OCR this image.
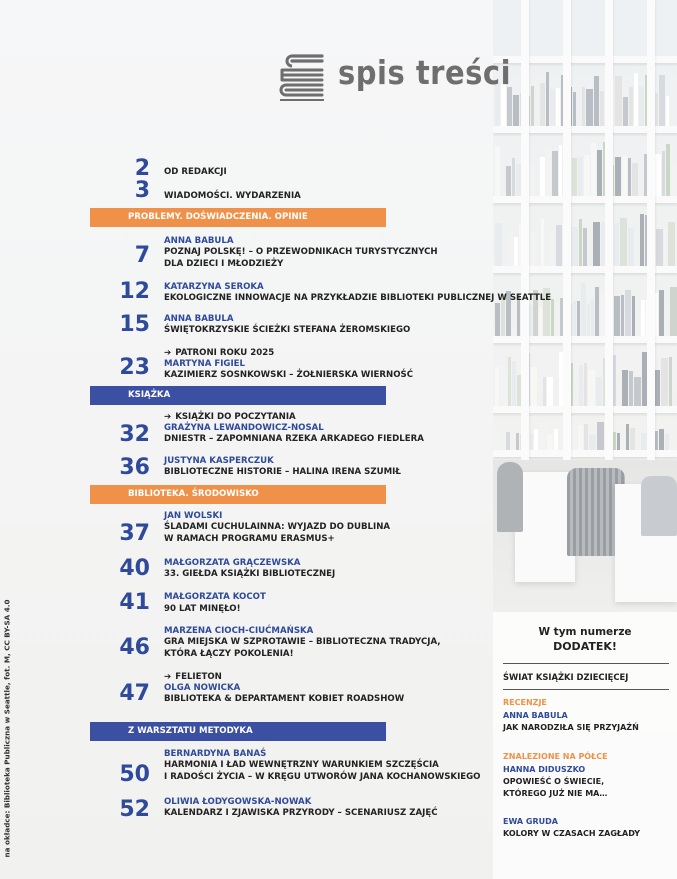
W tym numerze
DODATEK!
ŚWIAT KSIĄŻKI DZIECIĘCEJ
RECENZJE
ANNA BABULA
JAK NARODZIŁA SIĘ PRZYJAŹŃ
ZNALEZIONE NA PÓŁCE
HANNA DIDUSZKO
OPOWIEŚĆ O ŚWIECIE,
KTÓREGO JUŻ NIE MA…
EWA GRUDA
KOLORY W CZASACH ZAGŁADY
spis treści
2 OD REDAKCJI
3 WIADOMOŚCI. WYDARZENIA
PROBLEMY. DOŚWIADCZENIA. OPINIE
ANNA BABULA
7 POZNAJ POLSKĘ! – O PRZEWODNIKACH TURYSTYCZNYCH
DLA DZIECI I MŁODZIEŻY
KATARZYNA SEROKA
12 EKOLOGICZNE INNOWACJE NA PRZYKŁADZIE BIBLIOTEKI PUBLICZNEJ W SEATTLE
ANNA BABULA
15 ŚWIĘTOKRZYSKIE ŚCIEŻKI STEFANA ŻEROMSKIEGO
➔ PATRONI ROKU 2025
MARTYNA FIGIEL
23 KAZIMIERZ SOSNKOWSKI – ŻOŁNIERSKA WIERNOŚĆ
KSIĄŻKA
➔ KSIĄŻKI DO POCZYTANIA
GRAŻYNA LEWANDOWICZ-NOSAL
32 DNIESTR – ZAPOMNIANA RZEKA ARKADEGO FIEDLERA
JUSTYNA KASPERCZUK
36 BIBLIOTECZNE HISTORIE – HALINA IRENA SZUMIŁ
BIBLIOTEKA. ŚRODOWISKO
JAN WOLSKI
37 ŚLADAMI CUCHULAINNA: WYJAZD DO DUBLINA
W RAMACH PROGRAMU ERASMUS+
MAŁGORZATA GRĄCZEWSKA
40 33. GIEŁDA KSIĄŻKI BIBLIOTECZNEJ
MAŁGORZATA KOCOT
41 90 LAT MINĘŁO!
MARZENA CIOCH-CIUĆMAŃSKA
46 GRA MIEJSKA W SZPROTAWIE – BIBLIOTECZNA TRADYCJA,
KTÓRA ŁĄCZY POKOLENIA!
➔ FELIETON
OLGA NOWICKA
47 BIBLIOTEKA & DEPARTAMENT KOBIET ROADSHOW
Z WARSZTATU METODYKA
BERNARDYNA BANAŚ
50 HARMONIA I ŁAD WEWNĘTRZNY WARUNKIEM SZCZĘŚCIA
I RADOŚCI ŻYCIA – W KRĘGU UTWORÓW JANA KOCHANOWSKIEGO
OLIWIA ŁODYGOWSKA-NOWAK
52 KALENDARZ I ZJAWISKA PRZYRODY – SCENARIUSZ ZAJĘĆ
na okładce: Biblioteka Publiczna w Seattle, fot. M, CC BY-SA 4.0
